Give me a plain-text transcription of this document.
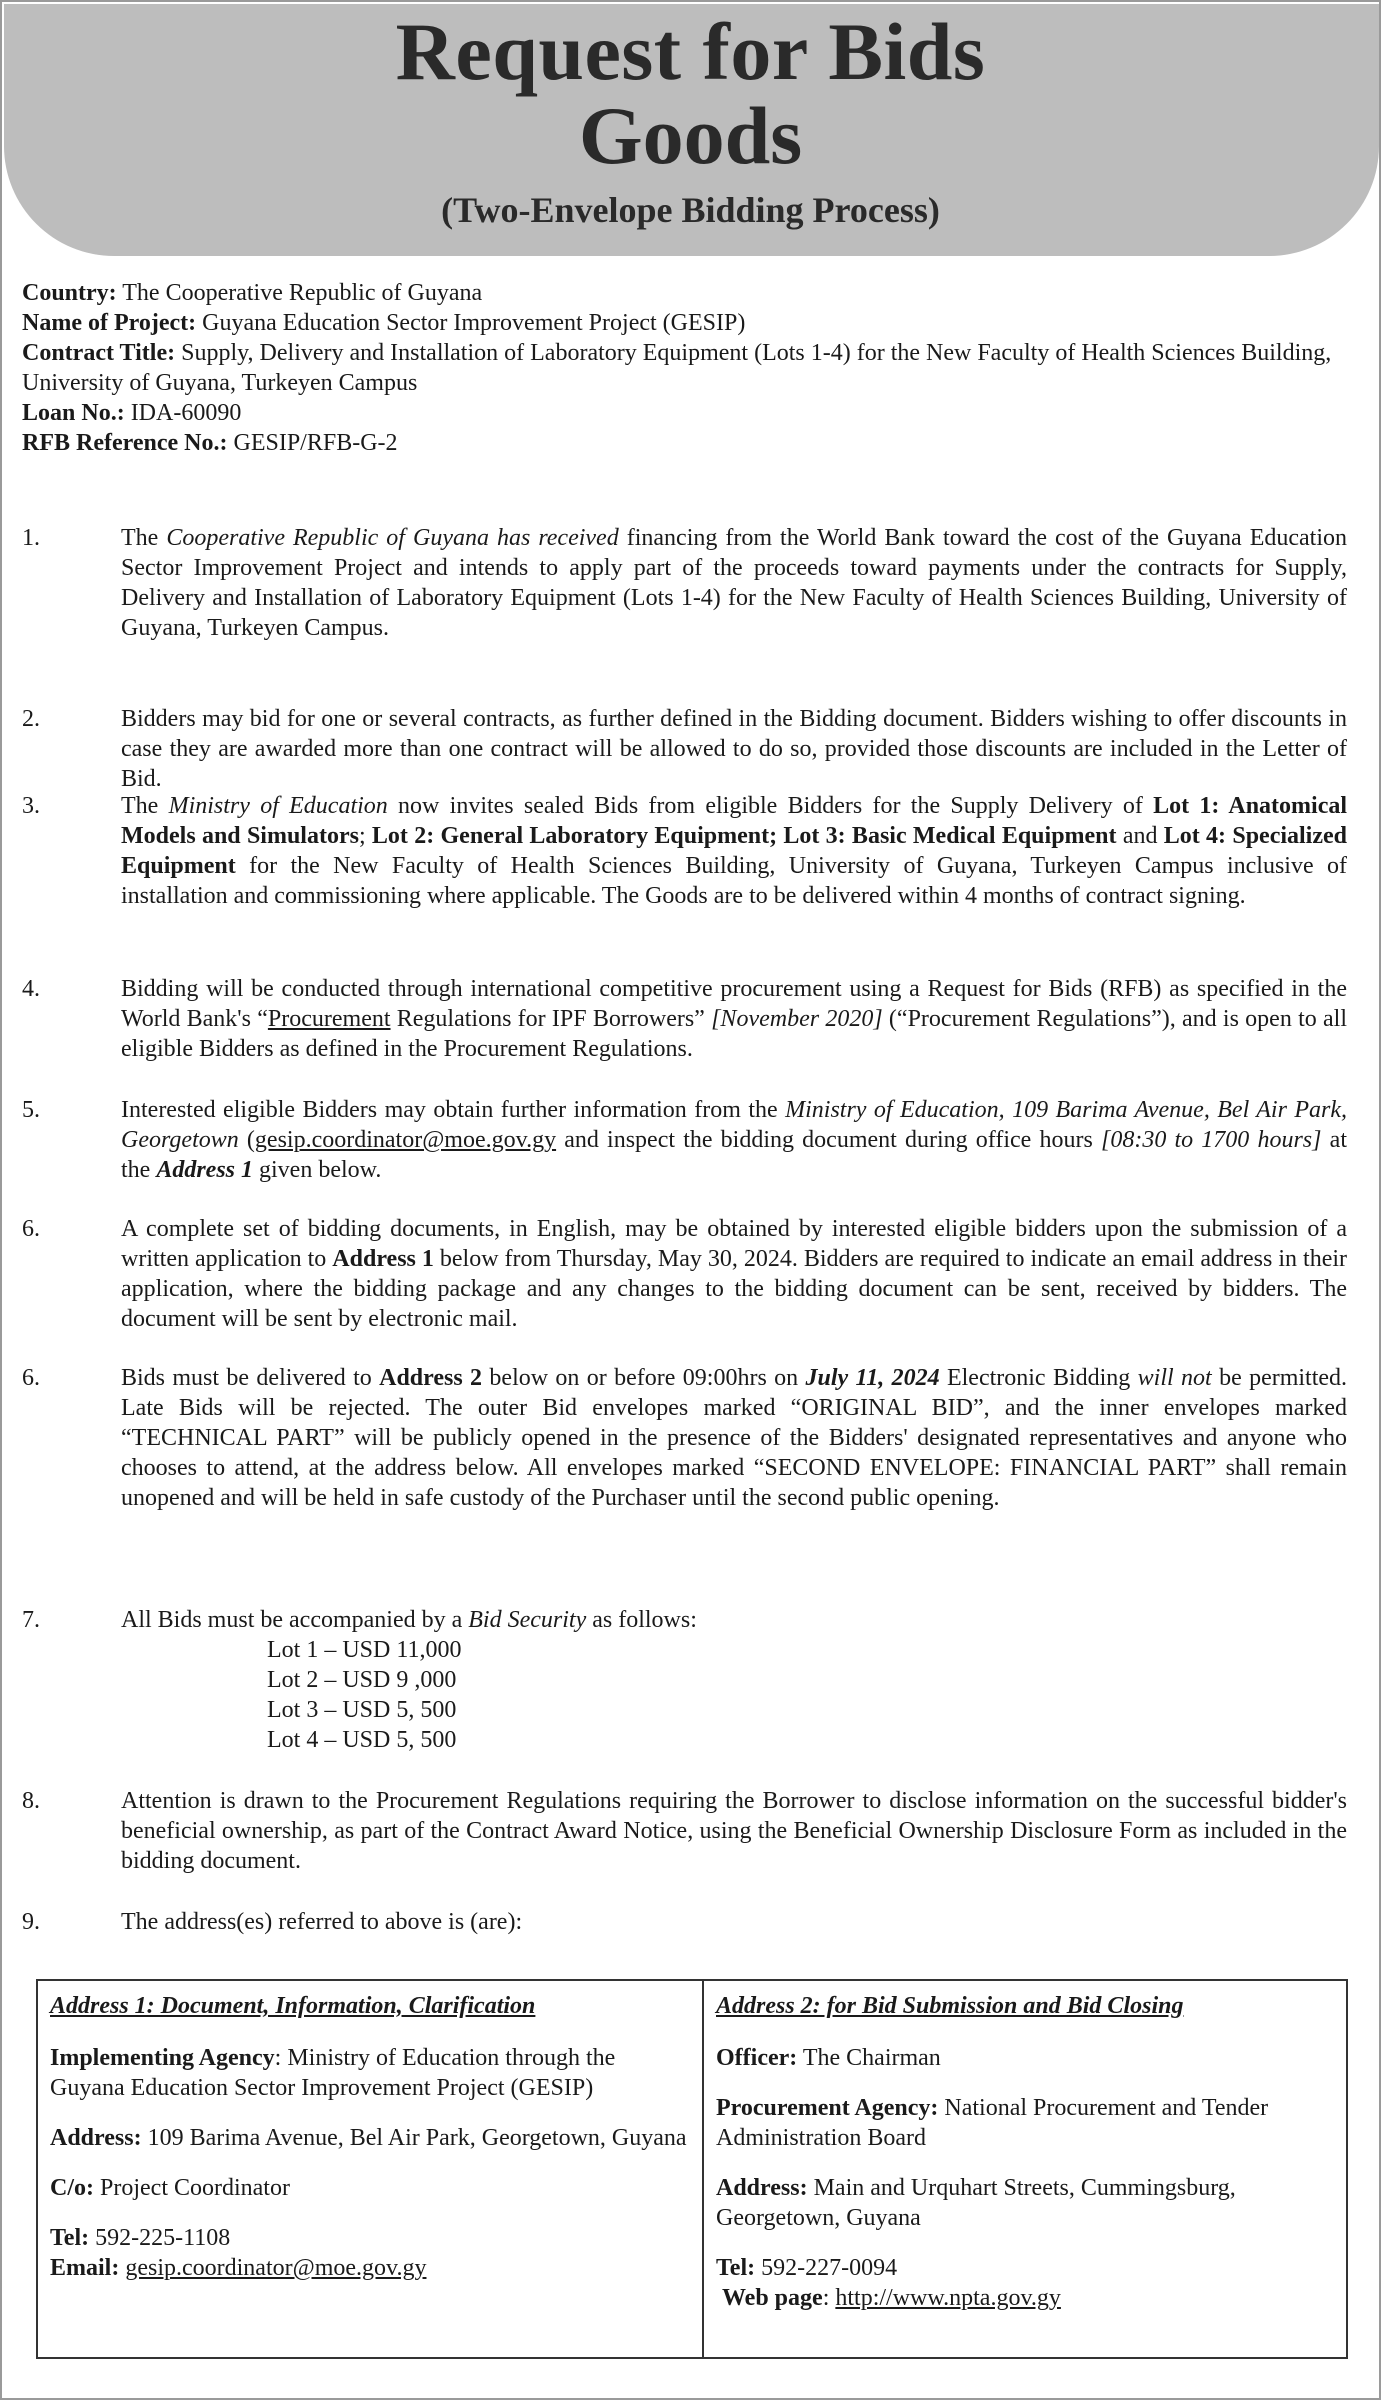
Request for Bids
Goods
(Two-Envelope Bidding Process)
Country: The Cooperative Republic of Guyana
Name of Project: Guyana Education Sector Improvement Project (GESIP)
Contract Title: Supply, Delivery and Installation of Laboratory Equipment (Lots 1-4) for the New Faculty of Health Sciences Building, University of Guyana, Turkeyen Campus
Loan No.: IDA-60090
RFB Reference No.: GESIP/RFB-G-2
1.	The Cooperative Republic of Guyana has received financing from the World Bank toward the cost of the Guyana Education Sector Improvement Project and intends to apply part of the proceeds toward payments under the contracts for Supply, Delivery and Installation of Laboratory Equipment (Lots 1-4) for the New Faculty of Health Sciences Building, University of Guyana, Turkeyen Campus.
2.	Bidders may bid for one or several contracts, as further defined in the Bidding document. Bidders wishing to offer discounts in case they are awarded more than one contract will be allowed to do so, provided those discounts are included in the Letter of Bid.
3.	The Ministry of Education now invites sealed Bids from eligible Bidders for the Supply Delivery of Lot 1: Anatomical Models and Simulators; Lot 2: General Laboratory Equipment; Lot 3: Basic Medical Equipment and Lot 4: Specialized Equipment for the New Faculty of Health Sciences Building, University of Guyana, Turkeyen Campus inclusive of installation and commissioning where applicable. The Goods are to be delivered within 4 months of contract signing.
4.	Bidding will be conducted through international competitive procurement using a Request for Bids (RFB) as specified in the World Bank's “Procurement Regulations for IPF Borrowers” [November 2020] (“Procurement Regulations”), and is open to all eligible Bidders as defined in the Procurement Regulations.
5.	Interested eligible Bidders may obtain further information from the Ministry of Education, 109 Barima Avenue, Bel Air Park, Georgetown (gesip.coordinator@moe.gov.gy and inspect the bidding document during office hours [08:30 to 1700 hours] at the Address 1 given below.
6.	A complete set of bidding documents, in English, may be obtained by interested eligible bidders upon the submission of a written application to Address 1 below from Thursday, May 30, 2024. Bidders are required to indicate an email address in their application, where the bidding package and any changes to the bidding document can be sent, received by bidders. The document will be sent by electronic mail.
6.	Bids must be delivered to Address 2 below on or before 09:00hrs on July 11, 2024 Electronic Bidding will not be permitted. Late Bids will be rejected. The outer Bid envelopes marked “ORIGINAL BID”, and the inner envelopes marked “TECHNICAL PART” will be publicly opened in the presence of the Bidders' designated representatives and anyone who chooses to attend, at the address below. All envelopes marked “SECOND ENVELOPE: FINANCIAL PART” shall remain unopened and will be held in safe custody of the Purchaser until the second public opening.
7.	All Bids must be accompanied by a Bid Security as follows:
Lot 1 – USD 11,000
Lot 2 – USD 9 ,000
Lot 3 – USD 5, 500
Lot 4 – USD 5, 500
8.	Attention is drawn to the Procurement Regulations requiring the Borrower to disclose information on the successful bidder's beneficial ownership, as part of the Contract Award Notice, using the Beneficial Ownership Disclosure Form as included in the bidding document.
9.	The address(es) referred to above is (are):

Address 1: Document, Information, Clarification

Implementing Agency: Ministry of Education through the Guyana Education Sector Improvement Project (GESIP)

Address: 109 Barima Avenue, Bel Air Park, Georgetown, Guyana

C/o: Project Coordinator

Tel: 592-225-1108

Email: gesip.coordinator@moe.gov.gy

Address 2: for Bid Submission and Bid Closing

Officer: The Chairman

Procurement Agency: National Procurement and Tender Administration Board

Address: Main and Urquhart Streets, Cummingsburg, Georgetown, Guyana

Tel: 592-227-0094

Web page: http://www.npta.gov.gy
